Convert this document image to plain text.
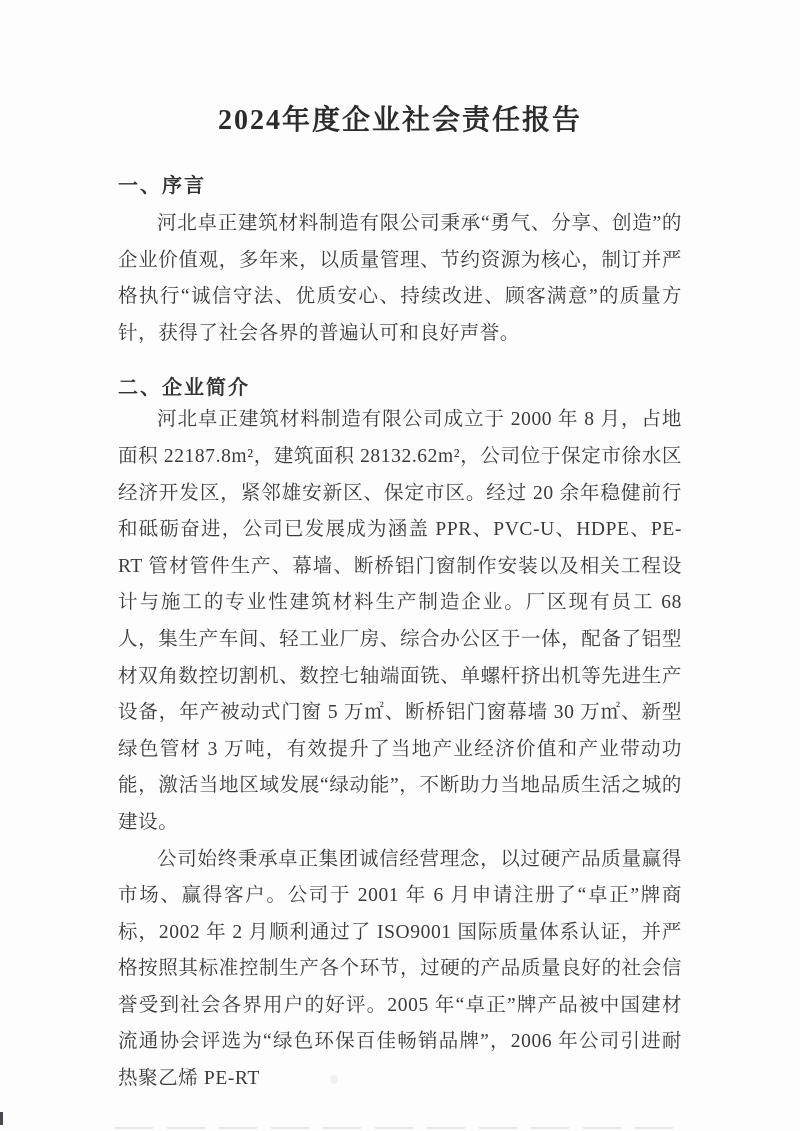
2024年度企业社会责任报告
一、序言

河北卓正建筑材料制造有限公司秉承“勇气、分享、创造”的企业价值观，多年来，以质量管理、节约资源为核心，制订并严格执行“诚信守法、优质安心、持续改进、顾客满意”的质量方针，获得了社会各界的普遍认可和良好声誉。

二、企业简介

河北卓正建筑材料制造有限公司成立于 2000 年 8 月，占地面积 22187.8m²，建筑面积 28132.62m²，公司位于保定市徐水区经济开发区，紧邻雄安新区、保定市区。经过 20 余年稳健前行和砥砺奋进，公司已发展成为涵盖 PPR、PVC-U、HDPE、PE-RT 管材管件生产、幕墙、断桥铝门窗制作安装以及相关工程设计与施工的专业性建筑材料生产制造企业。厂区现有员工 68 人，集生产车间、轻工业厂房、综合办公区于一体，配备了铝型材双角数控切割机、数控七轴端面铣、单螺杆挤出机等先进生产设备，年产被动式门窗 5 万㎡、断桥铝门窗幕墙 30 万㎡、新型绿色管材 3 万吨，有效提升了当地产业经济价值和产业带动功能，激活当地区域发展“绿动能”，不断助力当地品质生活之城的建设。

公司始终秉承卓正集团诚信经营理念，以过硬产品质量赢得市场、赢得客户。公司于 2001 年 6 月申请注册了“卓正”牌商标，2002 年 2 月顺利通过了 ISO9001 国际质量体系认证，并严格按照其标准控制生产各个环节，过硬的产品质量良好的社会信誉受到社会各界用户的好评。2005 年“卓正”牌产品被中国建材流通协会评选为“绿色环保百佳畅销品牌”，2006 年公司引进耐热聚乙烯 PE-RT
